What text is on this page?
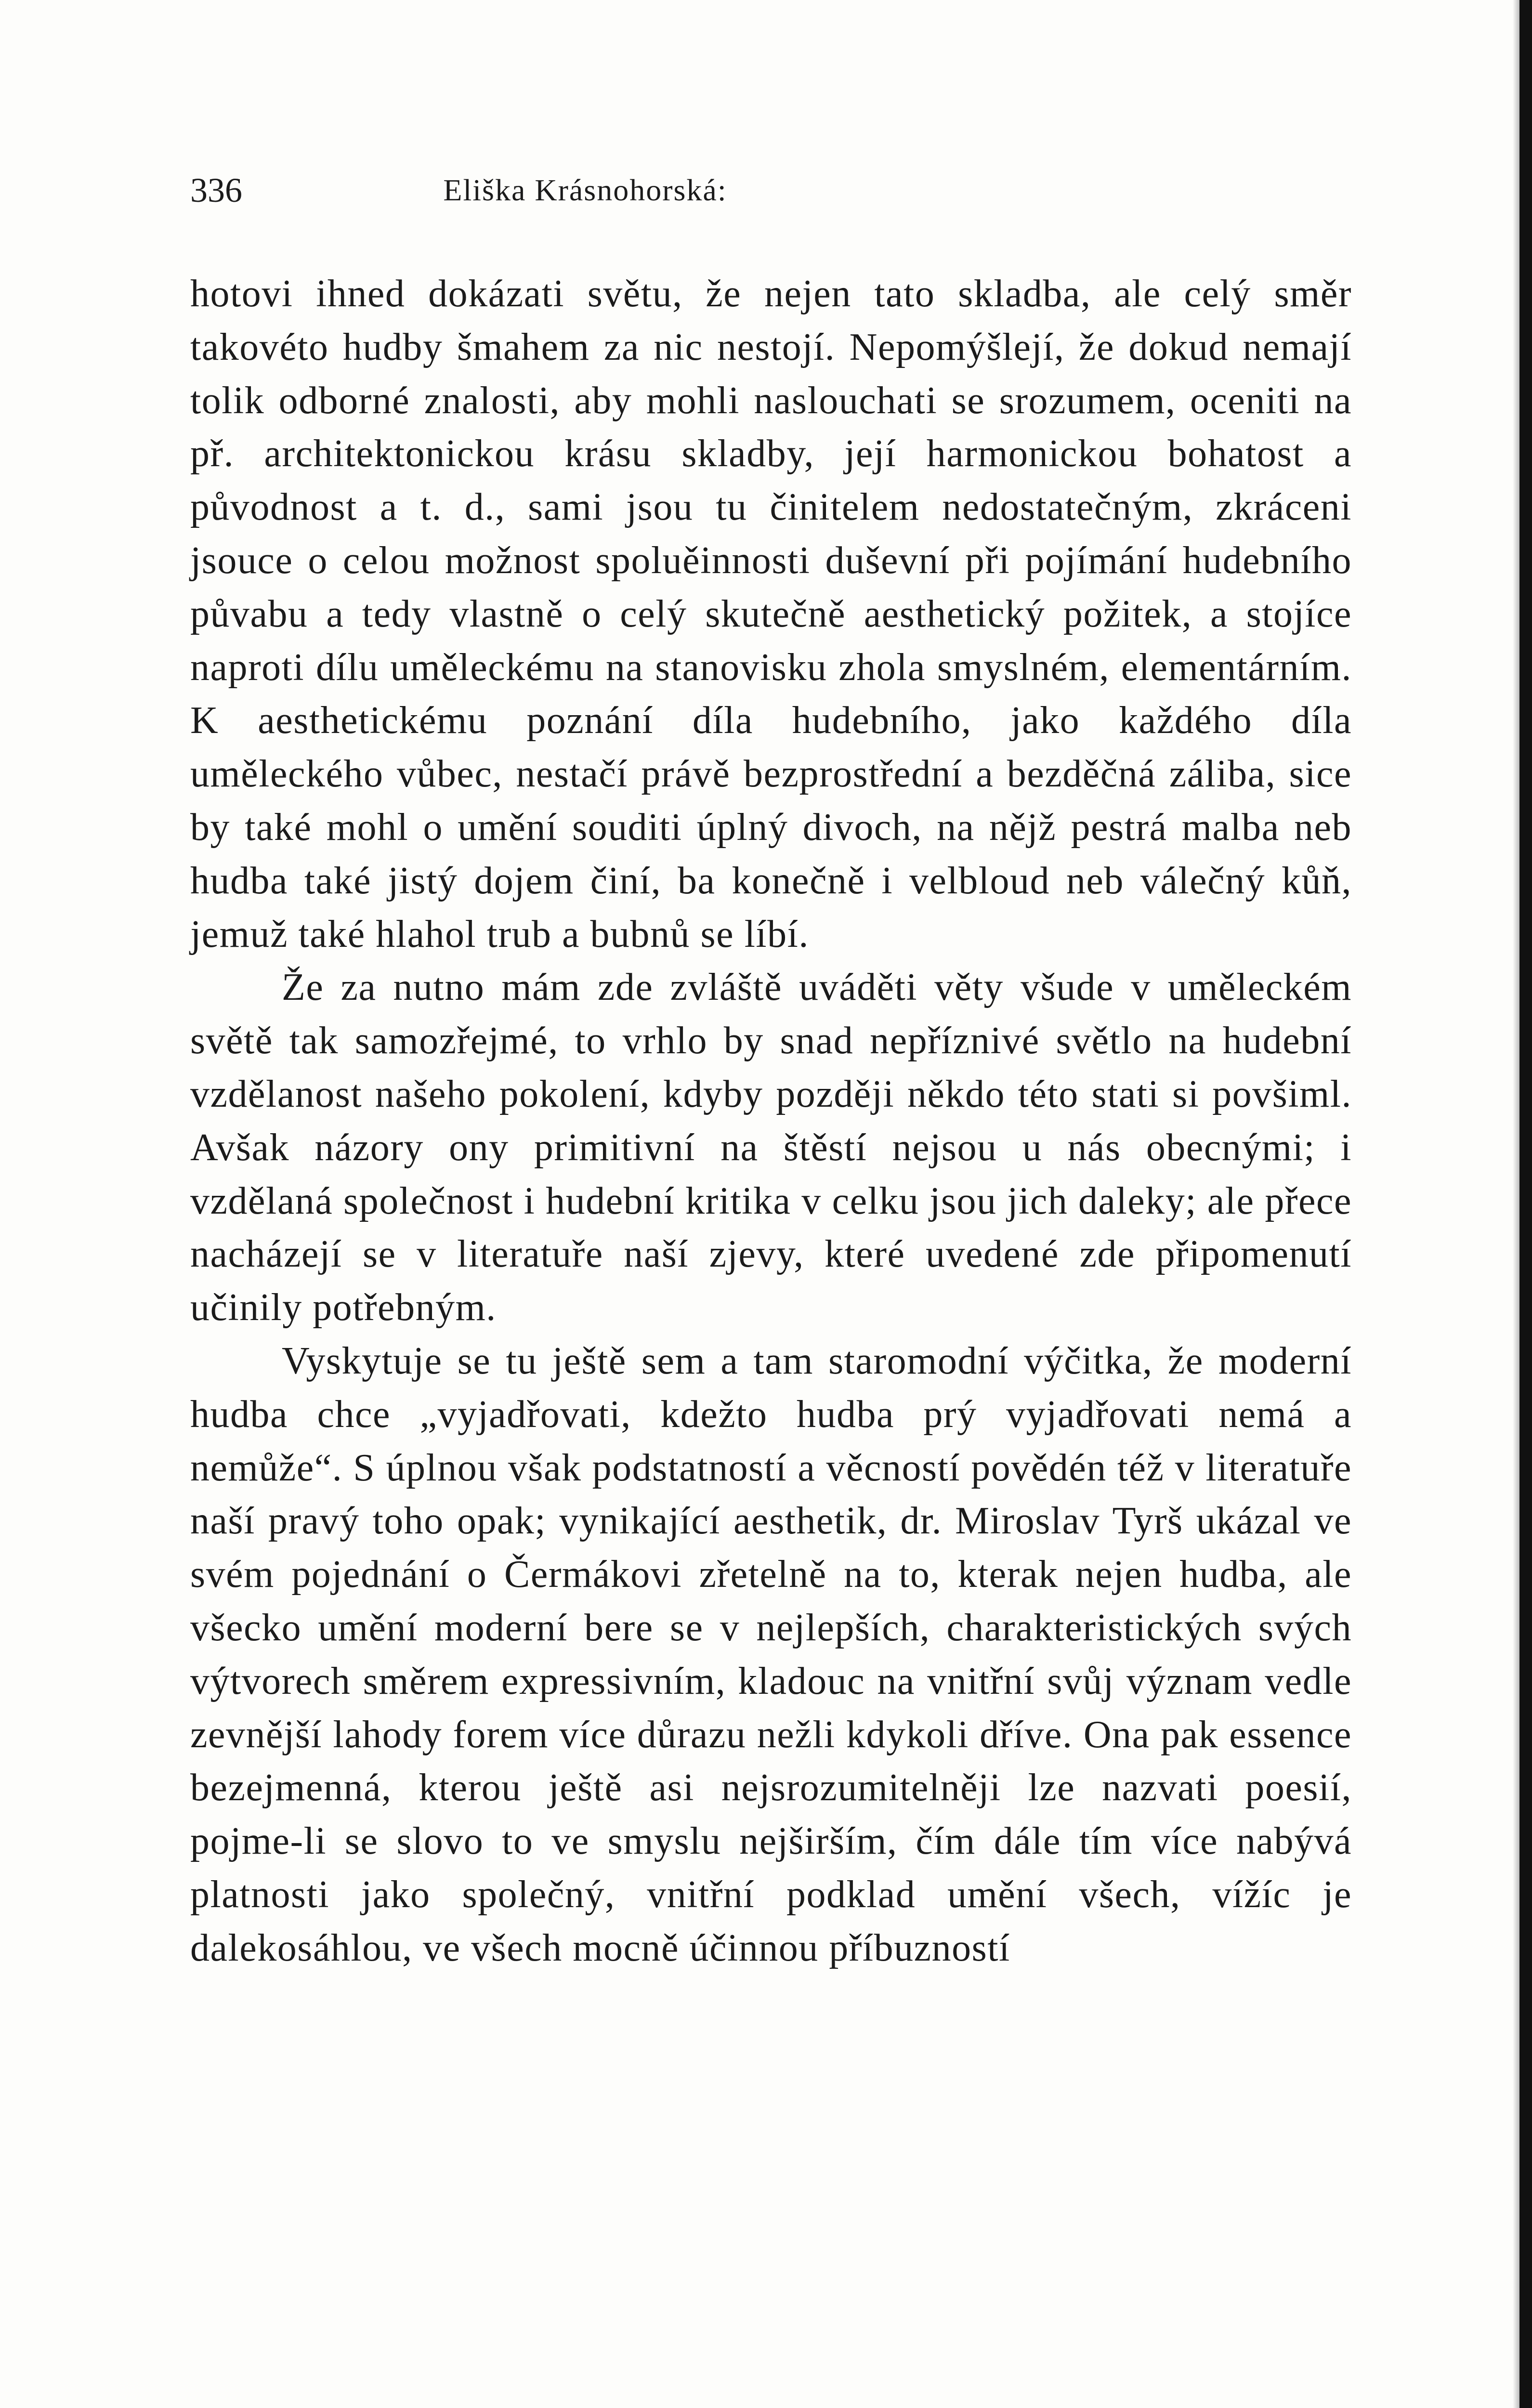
336	Eliška Krásnohorská:

hotovi ihned dokázati světu, že nejen tato skladba, ale celý směr takovéto hudby šmahem za nic nestojí. Nepomýšlejí, že dokud nemají tolik odborné znalosti, aby mohli naslouchati se srozumem, oceniti na př. architektonickou krásu skladby, její harmonickou bohatost a původnost a t. d., sami jsou tu činitelem nedostatečným, zkráceni jsouce o celou možnost spoluěinnosti duševní při pojímání hudebního půvabu a tedy vlastně o celý skutečně aesthetický požitek, a stojíce naproti dílu uměleckému na stanovisku zhola smyslném, elementárním. K aesthetickému poznání díla hudebního, jako každého díla uměleckého vůbec, nestačí právě bezprostřední a bezděčná záliba, sice by také mohl o umění souditi úplný divoch, na nějž pestrá malba neb hudba také jistý dojem činí, ba konečně i velbloud neb válečný kůň, jemuž také hlahol trub a bubnů se líbí.

Že za nutno mám zde zvláště uváděti věty všude v uměleckém světě tak samozřejmé, to vrhlo by snad nepříznivé světlo na hudební vzdělanost našeho pokolení, kdyby později někdo této stati si povšiml. Avšak názory ony primitivní na štěstí nejsou u nás obecnými; i vzdělaná společnost i hudební kritika v celku jsou jich daleky; ale přece nacházejí se v literatuře naší zjevy, které uvedené zde připomenutí učinily potřebným.

Vyskytuje se tu ještě sem a tam staromodní výčitka, že moderní hudba chce „vyjadřovati, kdežto hudba prý vyjadřovati nemá a nemůže“. S úplnou však podstatností a věcností povědén též v literatuře naší pravý toho opak; vynikající aesthetik, dr. Miroslav Tyrš ukázal ve svém pojednání o Čermákovi zřetelně na to, kterak nejen hudba, ale všecko umění moderní bere se v nejlepších, charakteristických svých výtvorech směrem expressivním, kladouc na vnitřní svůj význam vedle zevnější lahody forem více důrazu nežli kdykoli dříve. Ona pak essence bezejmenná, kterou ještě asi nejsrozumitelněji lze nazvati poesií, pojme-li se slovo to ve smyslu nejširším, čím dále tím více nabývá platnosti jako společný, vnitřní podklad umění všech, vížíc je dalekosáhlou, ve všech mocně účinnou příbuzností
